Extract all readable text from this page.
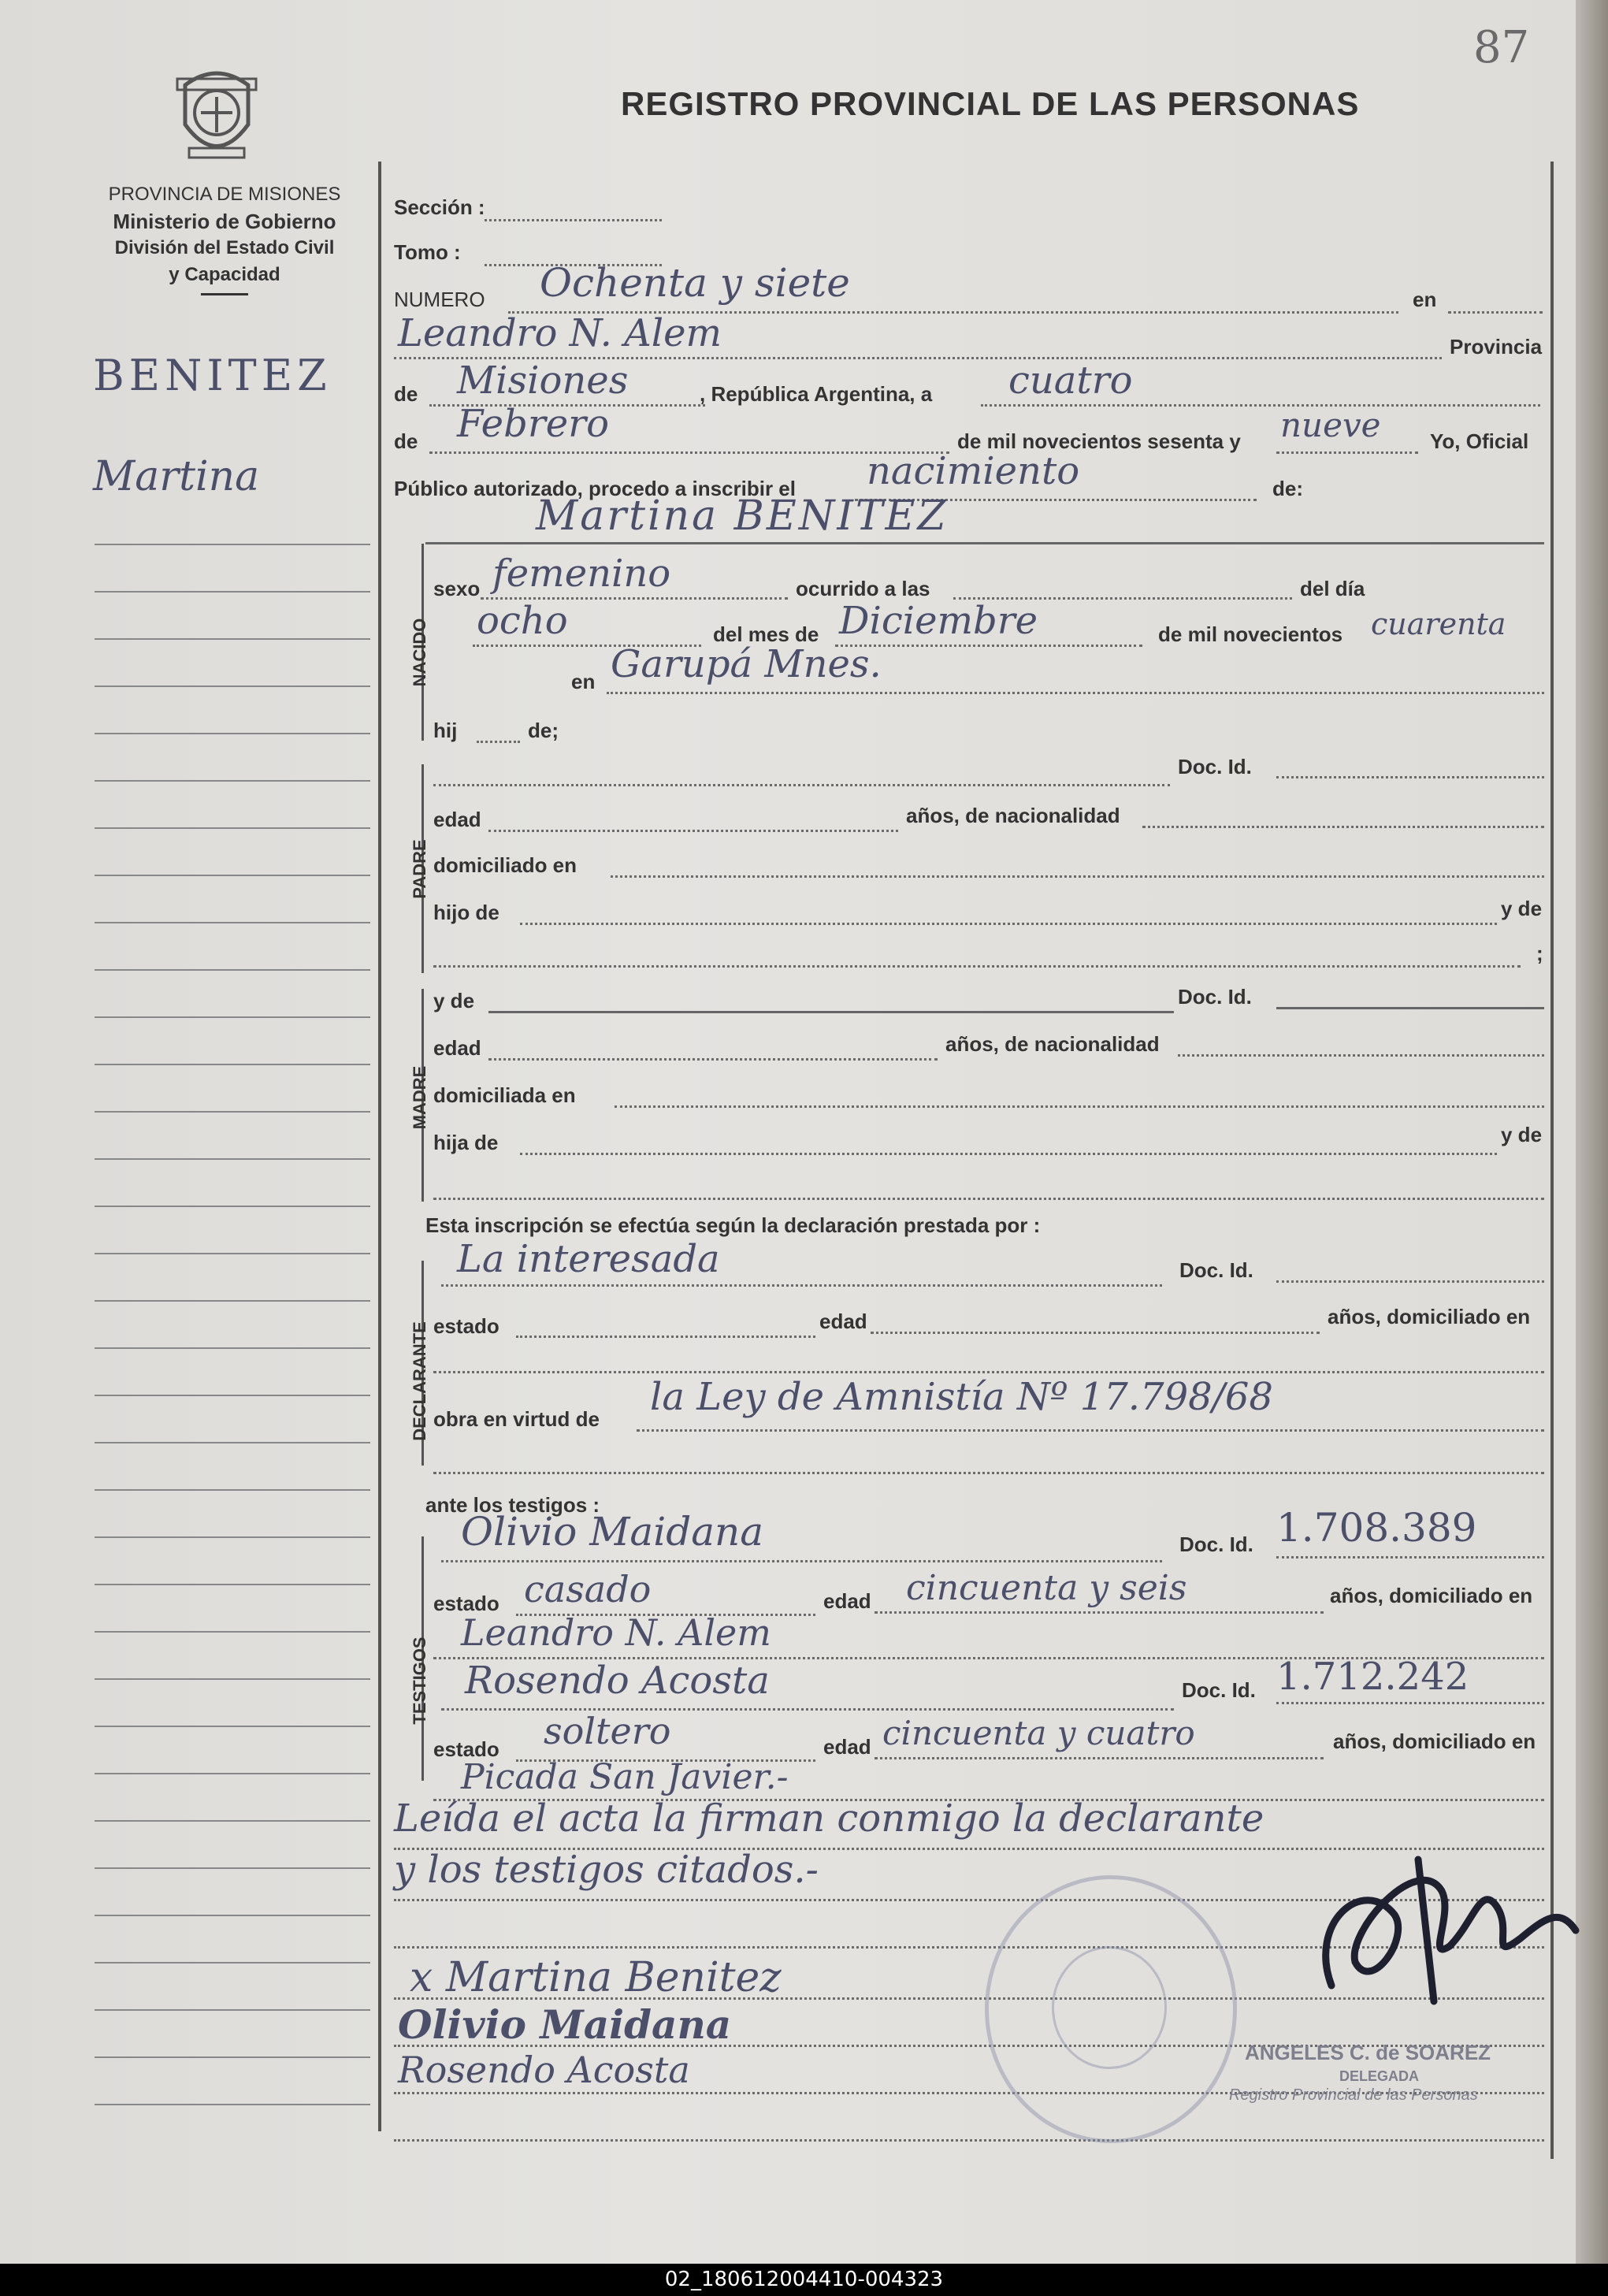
87
REGISTRO PROVINCIAL DE LAS PERSONAS
PROVINCIA DE MISIONES
Ministerio de Gobierno
División del Estado Civil
y Capacidad
BENITEZ
Martina
Sección :
Tomo :
NUMERO Ochenta y siete	en
Leandro N. Alem	Provincia
de Misiones	, República Argentina, a cuatro
de Febrero	de mil novecientos sesenta y nueve Yo, Oficial
Público autorizado, procedo a inscribir el nacimiento	de:
Martina BENITEZ
NACIDO
sexo femenino	ocurrido a las	del día
ocho	del mes de Diciembre	de mil novecientos cuarenta
en Garupá Mnes.
hij	de;
PADRE
Doc. Id.
edad	años, de nacionalidad
domiciliado en
hijo de	y de
;
MADRE
y de	Doc. Id.
edad	años, de nacionalidad
domiciliada en
hija de	y de
Esta inscripción se efectúa según la declaración prestada por :
DECLARANTE
La interesada	Doc. Id.
estado	edad	años, domiciliado en
obra en virtud de la Ley de Amnistía Nº 17.798/68
ante los testigos :
TESTIGOS
Olivio Maidana	Doc. Id. 1.708.389
estado casado	edad cincuenta y seis	años, domiciliado en
Leandro N. Alem
Rosendo Acosta	Doc. Id. 1.712.242
estado soltero	edad cincuenta y cuatro	años, domiciliado en
Picada San Javier.-
Leída el acta la firman conmigo la declarante
y los testigos citados.-
x Martina Benitez
Olivio Maidana
Rosendo Acosta	ANGELES C. de SOAREZ
DELEGADA
Registro Provincial de las Personas
02_180612004410-004323
